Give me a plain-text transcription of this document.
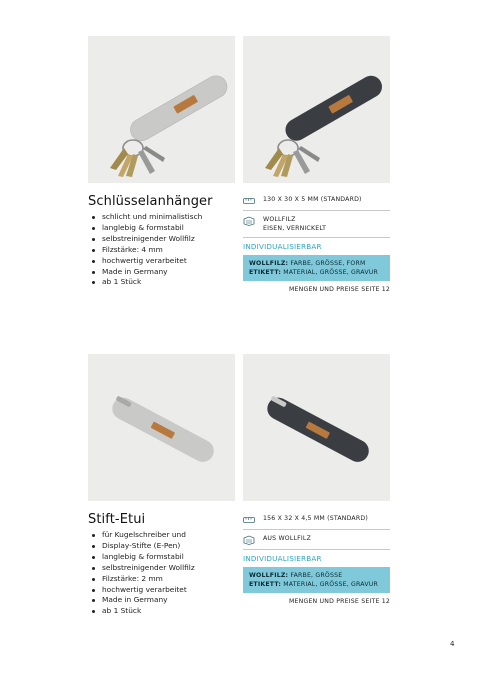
Schlüsselanhänger
schlicht und minimalistisch
langlebig & formstabil
selbstreinigender Wollfilz
Filzstärke: 4 mm
hochwertig verarbeitet
Made in Germany
ab 1 Stück
130 X 30 X 5 MM (STANDARD)
WOLLFILZ
EISEN, VERNICKELT
INDIVIDUALISIERBAR
WOLLFILZ: FARBE, GRÖSSE, FORM
ETIKETT: MATERIAL, GRÖSSE, GRAVUR
MENGEN UND PREISE SEITE 12
Stift-Etui
für Kugelschreiber und
Display-Stifte (E-Pen)
langlebig & formstabil
selbstreinigender Wollfilz
Filzstärke: 2 mm
hochwertig verarbeitet
Made in Germany
ab 1 Stück
156 X 32 X 4,5 MM (STANDARD)
AUS WOLLFILZ
INDIVIDUALISIERBAR
WOLLFILZ: FARBE, GRÖSSE
ETIKETT: MATERIAL, GRÖSSE, GRAVUR
MENGEN UND PREISE SEITE 12
4
